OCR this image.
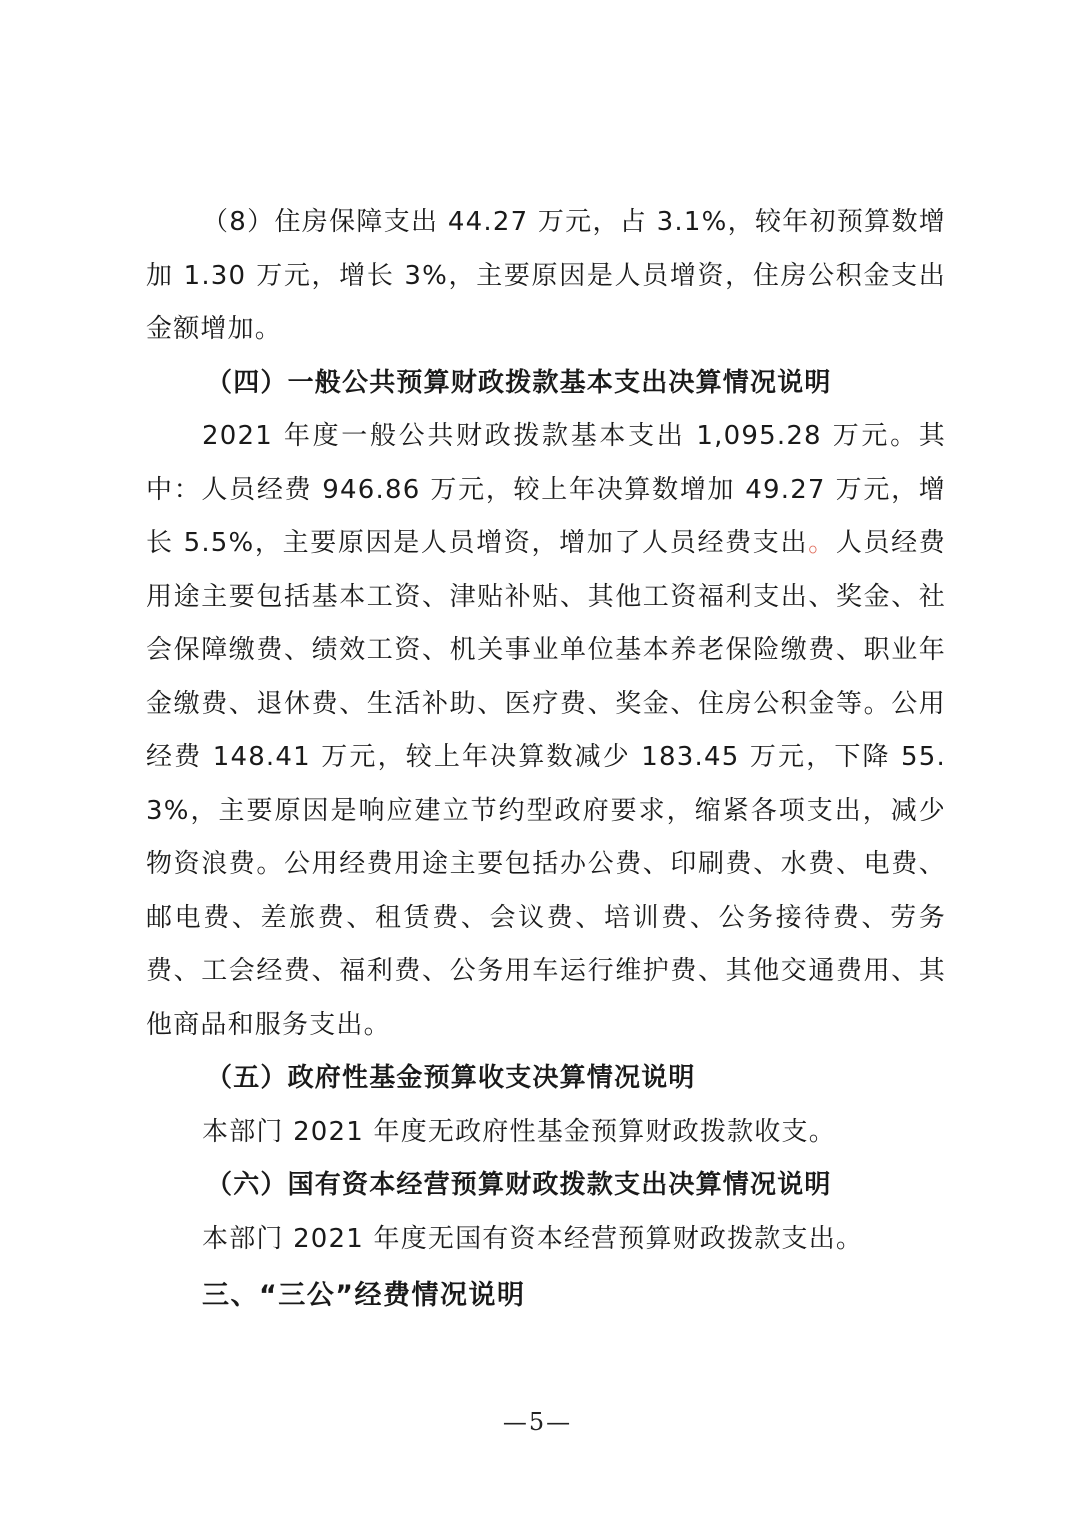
（8）住房保障支出 44.27 万元，占 3.1%，较年初预算数增加 1.30 万元，增长 3%，主要原因是人员增资，住房公积金支出金额增加。

（四）一般公共预算财政拨款基本支出决算情况说明

2021 年度一般公共财政拨款基本支出 1,095.28 万元。其中：人员经费 946.86 万元，较上年决算数增加 49.27 万元，增长 5.5%，主要原因是人员增资，增加了人员经费支出。人员经费用途主要包括基本工资、津贴补贴、其他工资福利支出、奖金、社会保障缴费、绩效工资、机关事业单位基本养老保险缴费、职业年金缴费、退休费、生活补助、医疗费、奖金、住房公积金等。公用经费 148.41 万元，较上年决算数减少 183.45 万元，下降 55.3%，主要原因是响应建立节约型政府要求，缩紧各项支出，减少物资浪费。公用经费用途主要包括办公费、印刷费、水费、电费、邮电费、差旅费、租赁费、会议费、培训费、公务接待费、劳务费、工会经费、福利费、公务用车运行维护费、其他交通费用、其他商品和服务支出。

（五）政府性基金预算收支决算情况说明

本部门 2021 年度无政府性基金预算财政拨款收支。

（六）国有资本经营预算财政拨款支出决算情况说明

本部门 2021 年度无国有资本经营预算财政拨款支出。

三、“三公”经费情况说明

—5—
